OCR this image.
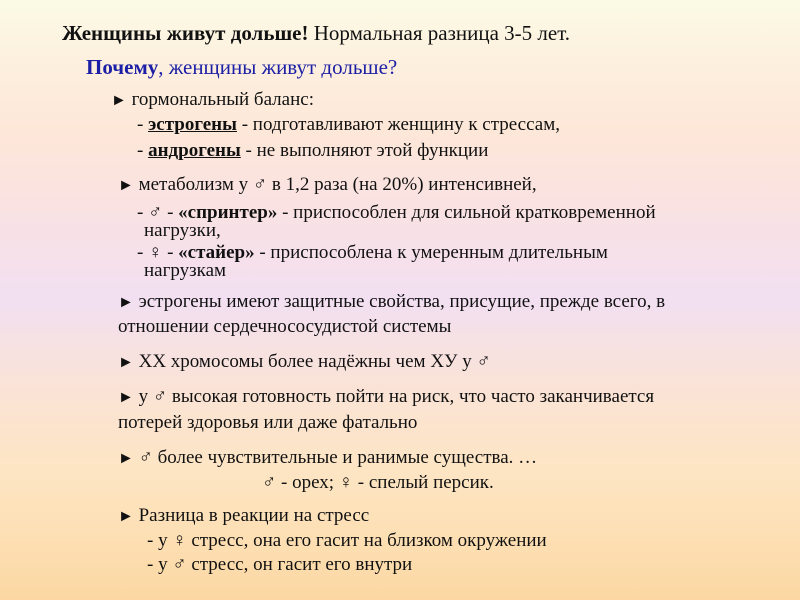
Женщины живут дольше! Нормальная разница 3-5 лет.
Почему, женщины живут дольше?
► гормональный баланс:
- эстрогены - подготавливают женщину к стрессам,
- андрогены - не выполняют этой функции
► метаболизм у ♂ в 1,2 раза (на 20%) интенсивней,
- ♂ - «спринтер» - приспособлен для сильной кратковременной
нагрузки,
- ♀ - «стайер» - приспособлена к умеренным длительным
нагрузкам
► эстрогены имеют защитные свойства, присущие, прежде всего, в
отношении сердечнососудистой системы
► ХХ хромосомы более надёжны чем ХУ у ♂
► у ♂ высокая готовность пойти на риск, что часто заканчивается
потерей здоровья или даже фатально
► ♂ более чувствительные и ранимые существа. …
♂ - орех; ♀ - спелый персик.
► Разница в реакции на стресс
- у ♀ стресс, она его гасит на близком окружении
- у ♂ стресс, он гасит его внутри
